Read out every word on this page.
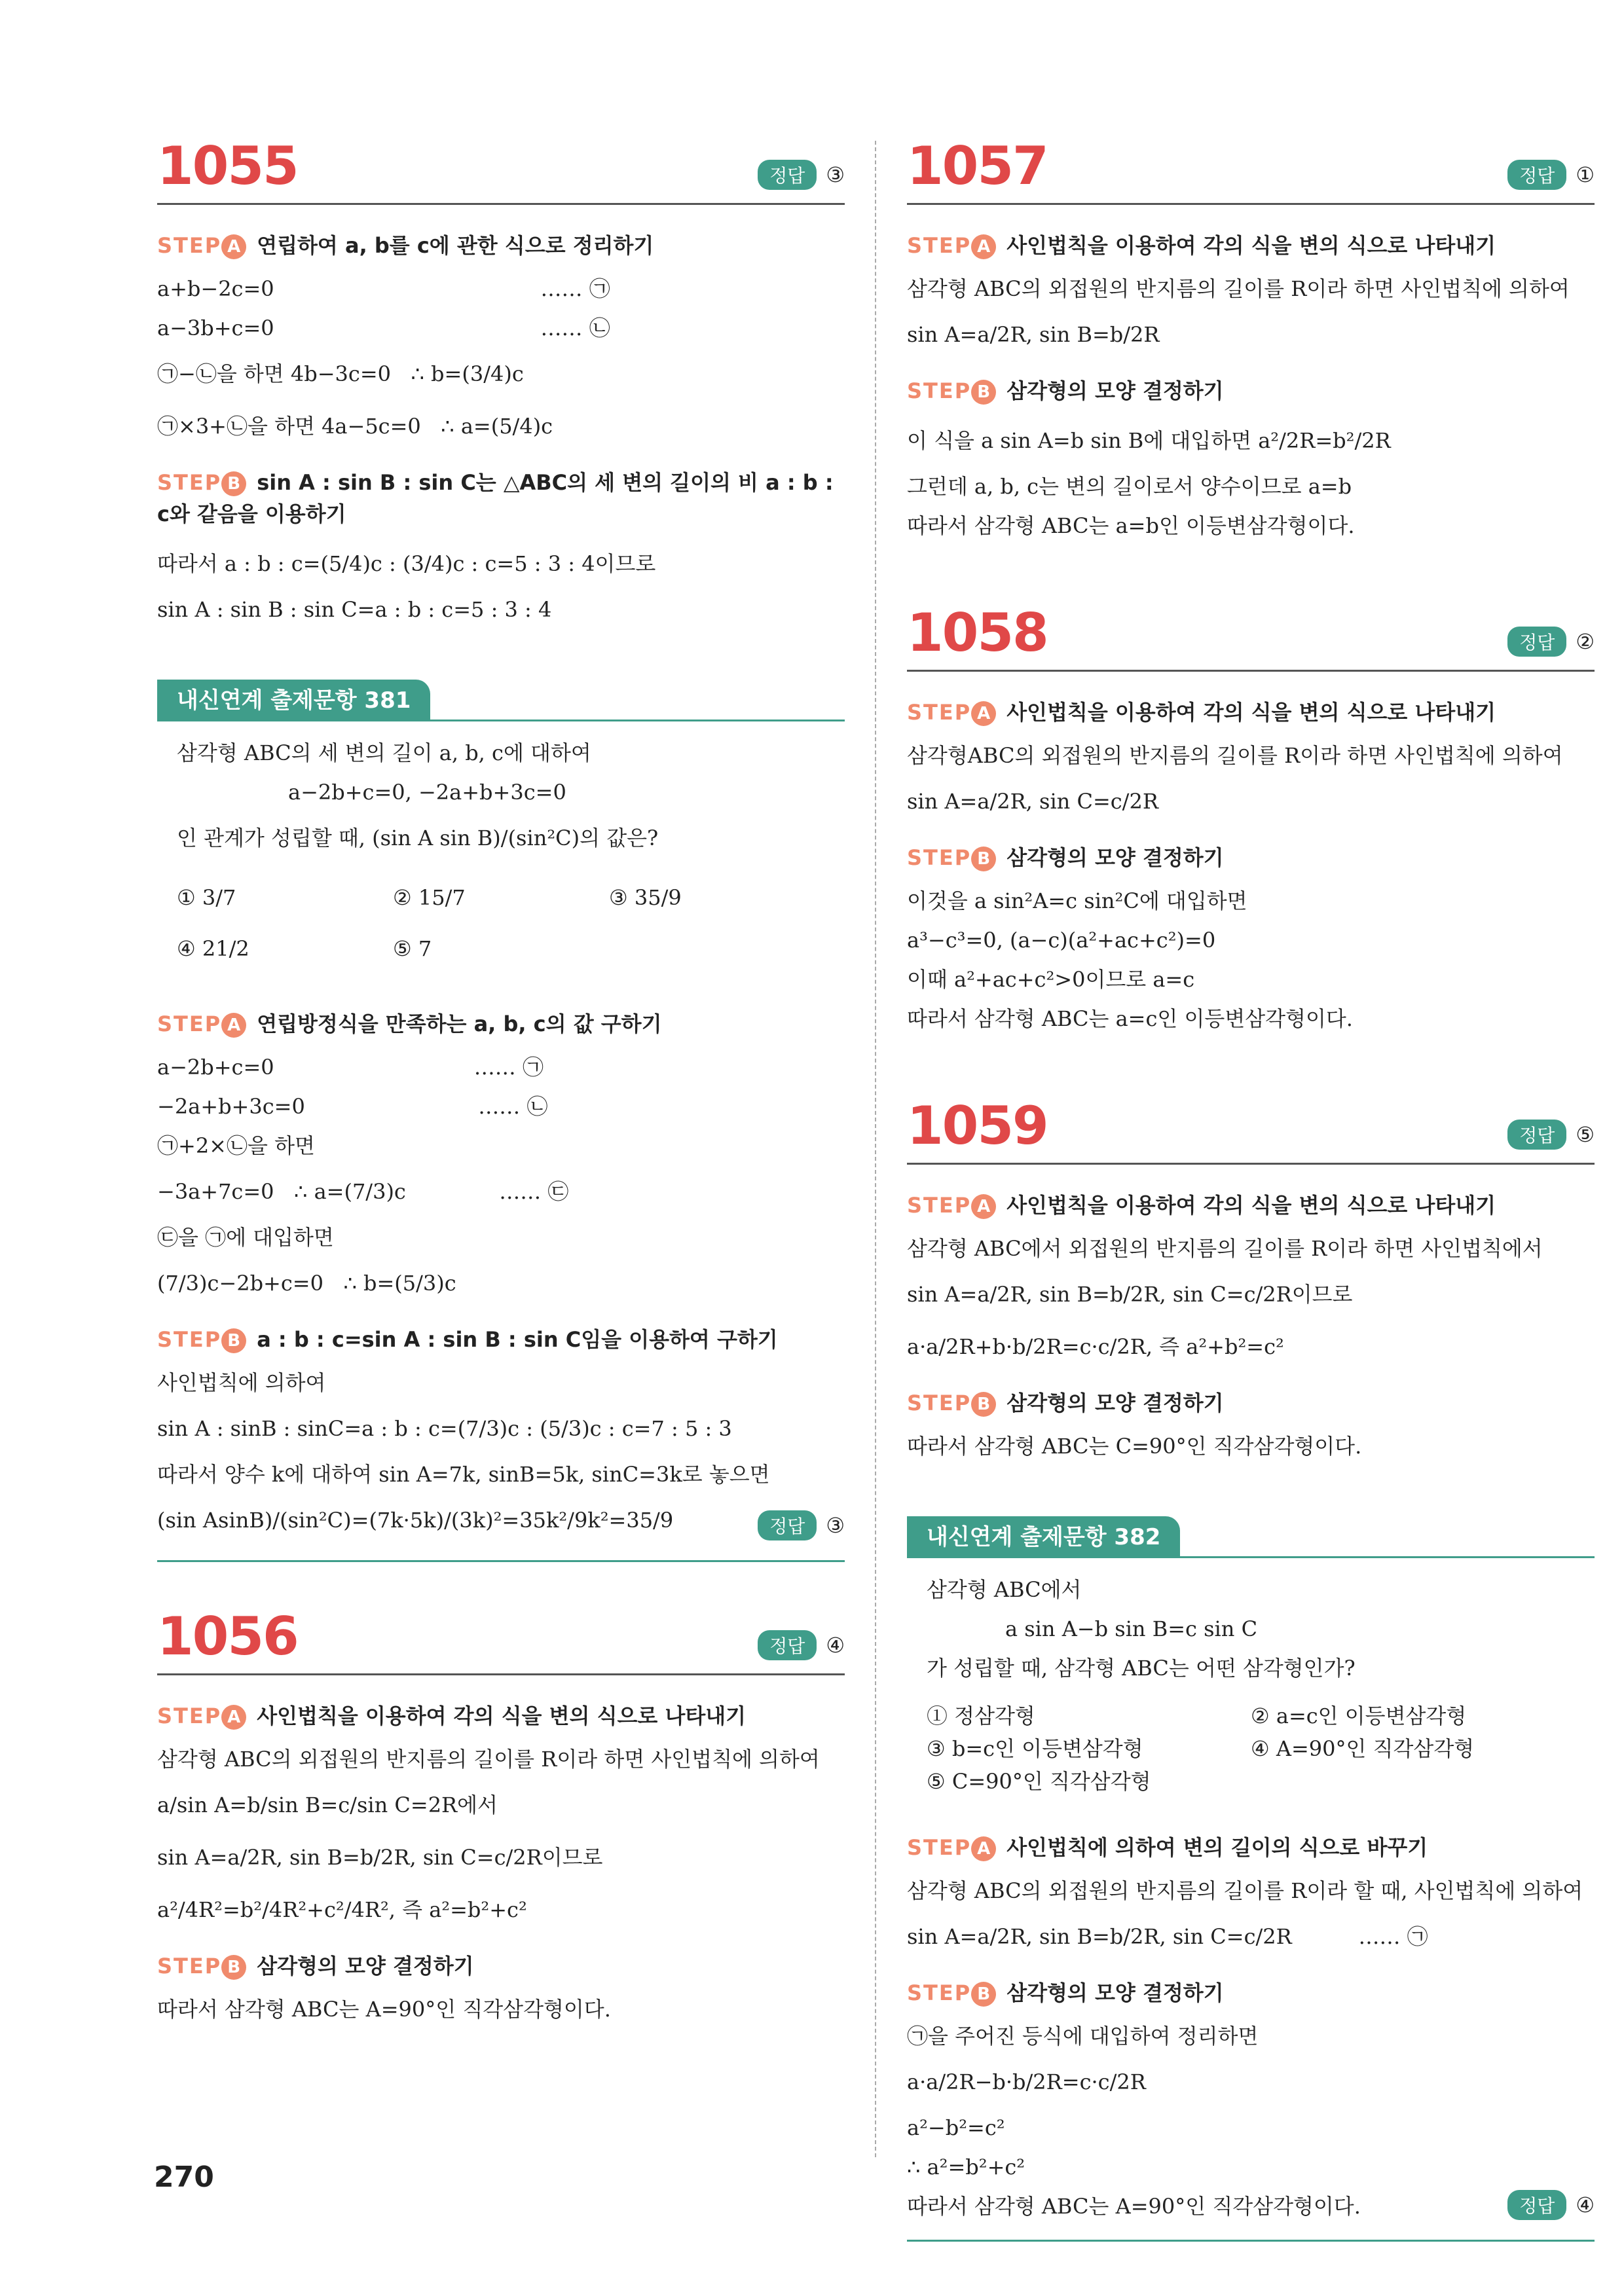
1055	정답	③
STEP A 연립하여 a, b를 c에 관한 식으로 정리하기
a+b−2c=0                                        …… ㉠
a−3b+c=0                                        …… ㉡
㉠−㉡을 하면 4b−3c=0   ∴ b=(3/4)c
㉠×3+㉡을 하면 4a−5c=0   ∴ a=(5/4)c
STEP B sin A : sin B : sin C는 △ABC의 세 변의 길이의 비 a : b : c와 같음을 이용하기
따라서 a : b : c=(5/4)c : (3/4)c : c=5 : 3 : 4이므로
sin A : sin B : sin C=a : b : c=5 : 3 : 4
내신연계 출제문항 381
삼각형 ABC의 세 변의 길이 a, b, c에 대하여
a−2b+c=0, −2a+b+3c=0
인 관계가 성립할 때, (sin A sin B)/(sin²C)의 값은?
① 3/7	② 15/7	③ 35/9
④ 21/2	⑤ 7
STEP A 연립방정식을 만족하는 a, b, c의 값 구하기
a−2b+c=0                              …… ㉠
−2a+b+3c=0                          …… ㉡
㉠+2×㉡을 하면
−3a+7c=0   ∴ a=(7/3)c              …… ㉢
㉢을 ㉠에 대입하면
(7/3)c−2b+c=0   ∴ b=(5/3)c
STEP B a : b : c=sin A : sin B : sin C임을 이용하여 구하기
사인법칙에 의하여
sin A : sinB : sinC=a : b : c=(7/3)c : (5/3)c : c=7 : 5 : 3
따라서 양수 k에 대하여 sin A=7k, sinB=5k, sinC=3k로 놓으면
(sin AsinB)/(sin²C)=(7k·5k)/(3k)²=35k²/9k²=35/9	정답	③
1056	정답	④
STEP A 사인법칙을 이용하여 각의 식을 변의 식으로 나타내기
삼각형 ABC의 외접원의 반지름의 길이를 R이라 하면 사인법칙에 의하여
a/sin A=b/sin B=c/sin C=2R에서
sin A=a/2R, sin B=b/2R, sin C=c/2R이므로
a²/4R²=b²/4R²+c²/4R², 즉 a²=b²+c²
STEP B 삼각형의 모양 결정하기
따라서 삼각형 ABC는 A=90°인 직각삼각형이다.
1057	정답	①
STEP A 사인법칙을 이용하여 각의 식을 변의 식으로 나타내기
삼각형 ABC의 외접원의 반지름의 길이를 R이라 하면 사인법칙에 의하여
sin A=a/2R, sin B=b/2R
STEP B 삼각형의 모양 결정하기
이 식을 a sin A=b sin B에 대입하면 a²/2R=b²/2R
그런데 a, b, c는 변의 길이로서 양수이므로 a=b
따라서 삼각형 ABC는 a=b인 이등변삼각형이다.
1058	정답	②
STEP A 사인법칙을 이용하여 각의 식을 변의 식으로 나타내기
삼각형ABC의 외접원의 반지름의 길이를 R이라 하면 사인법칙에 의하여
sin A=a/2R, sin C=c/2R
STEP B 삼각형의 모양 결정하기
이것을 a sin²A=c sin²C에 대입하면
a³−c³=0, (a−c)(a²+ac+c²)=0
이때 a²+ac+c²>0이므로 a=c
따라서 삼각형 ABC는 a=c인 이등변삼각형이다.
1059	정답	⑤
STEP A 사인법칙을 이용하여 각의 식을 변의 식으로 나타내기
삼각형 ABC에서 외접원의 반지름의 길이를 R이라 하면 사인법칙에서
sin A=a/2R, sin B=b/2R, sin C=c/2R이므로
a·a/2R+b·b/2R=c·c/2R, 즉 a²+b²=c²
STEP B 삼각형의 모양 결정하기
따라서 삼각형 ABC는 C=90°인 직각삼각형이다.
내신연계 출제문항 382
삼각형 ABC에서
a sin A−b sin B=c sin C
가 성립할 때, 삼각형 ABC는 어떤 삼각형인가?
① 정삼각형	② a=c인 이등변삼각형
③ b=c인 이등변삼각형	④ A=90°인 직각삼각형
⑤ C=90°인 직각삼각형
STEP A 사인법칙에 의하여 변의 길이의 식으로 바꾸기
삼각형 ABC의 외접원의 반지름의 길이를 R이라 할 때, 사인법칙에 의하여
sin A=a/2R, sin B=b/2R, sin C=c/2R          …… ㉠
STEP B 삼각형의 모양 결정하기
㉠을 주어진 등식에 대입하여 정리하면
a·a/2R−b·b/2R=c·c/2R
a²−b²=c²
∴ a²=b²+c²
따라서 삼각형 ABC는 A=90°인 직각삼각형이다.	정답	④
270
